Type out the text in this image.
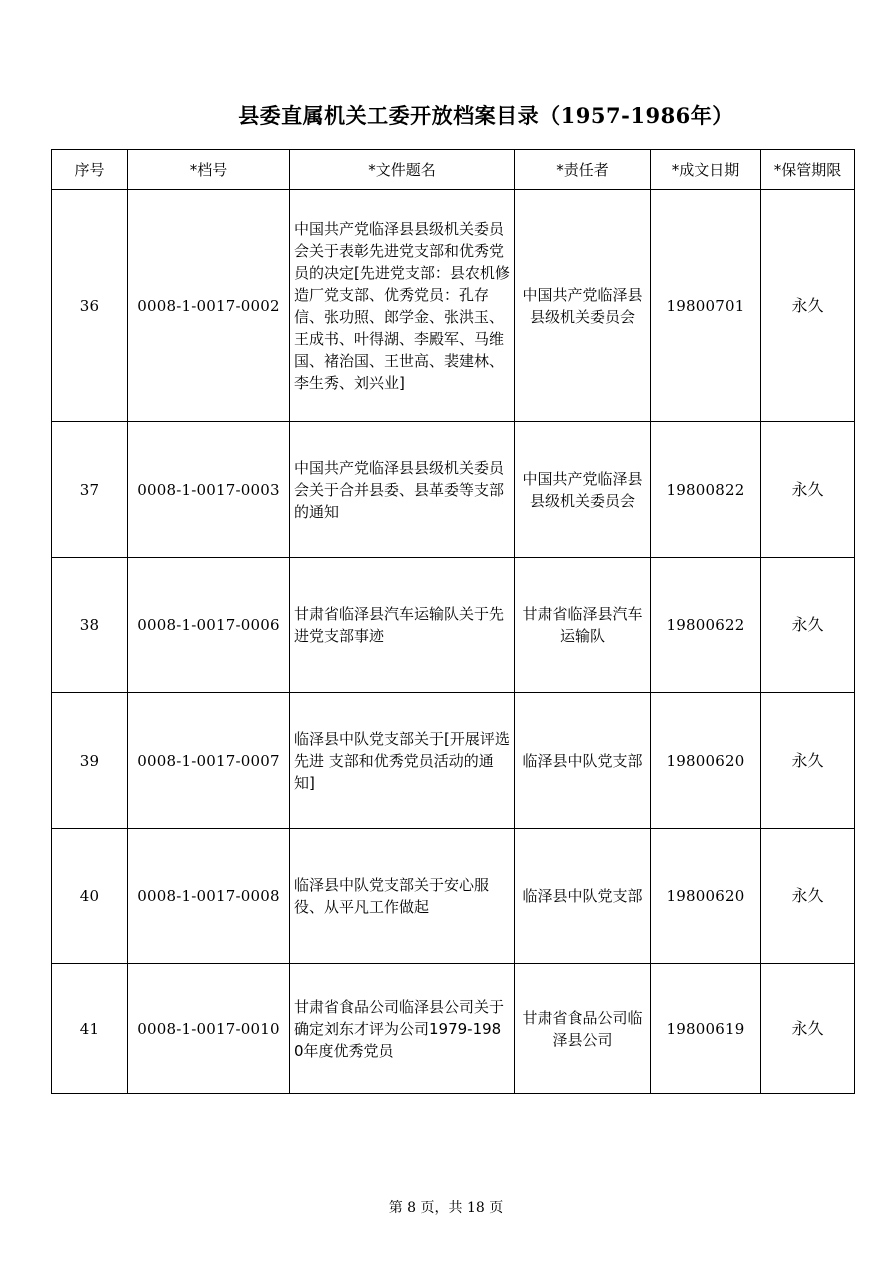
县委直属机关工委开放档案目录（1957-1986年）
序号	*档号	*文件题名	*责任者	*成文日期	*保管期限
36	0008-1-0017-0002	中国共产党临泽县县级机关委员会关于表彰先进党支部和优秀党员的决定[先进党支部：县农机修造厂党支部、优秀党员：孔存信、张功照、郎学金、张洪玉、王成书、叶得湖、李殿军、马维国、褚治国、王世高、裴建林、李生秀、刘兴业]	中国共产党临泽县县级机关委员会	19800701	永久
37	0008-1-0017-0003	中国共产党临泽县县级机关委员会关于合并县委、县革委等支部的通知	中国共产党临泽县县级机关委员会	19800822	永久
38	0008-1-0017-0006	甘肃省临泽县汽车运输队关于先进党支部事迹	甘肃省临泽县汽车运输队	19800622	永久
39	0008-1-0017-0007	临泽县中队党支部关于[开展评选先进 支部和优秀党员活动的通知]	临泽县中队党支部	19800620	永久
40	0008-1-0017-0008	临泽县中队党支部关于安心服役、从平凡工作做起	临泽县中队党支部	19800620	永久
41	0008-1-0017-0010	甘肃省食品公司临泽县公司关于确定刘东才评为公司1979-1980年度优秀党员	甘肃省食品公司临泽县公司	19800619	永久
第 8 页，共 18 页
